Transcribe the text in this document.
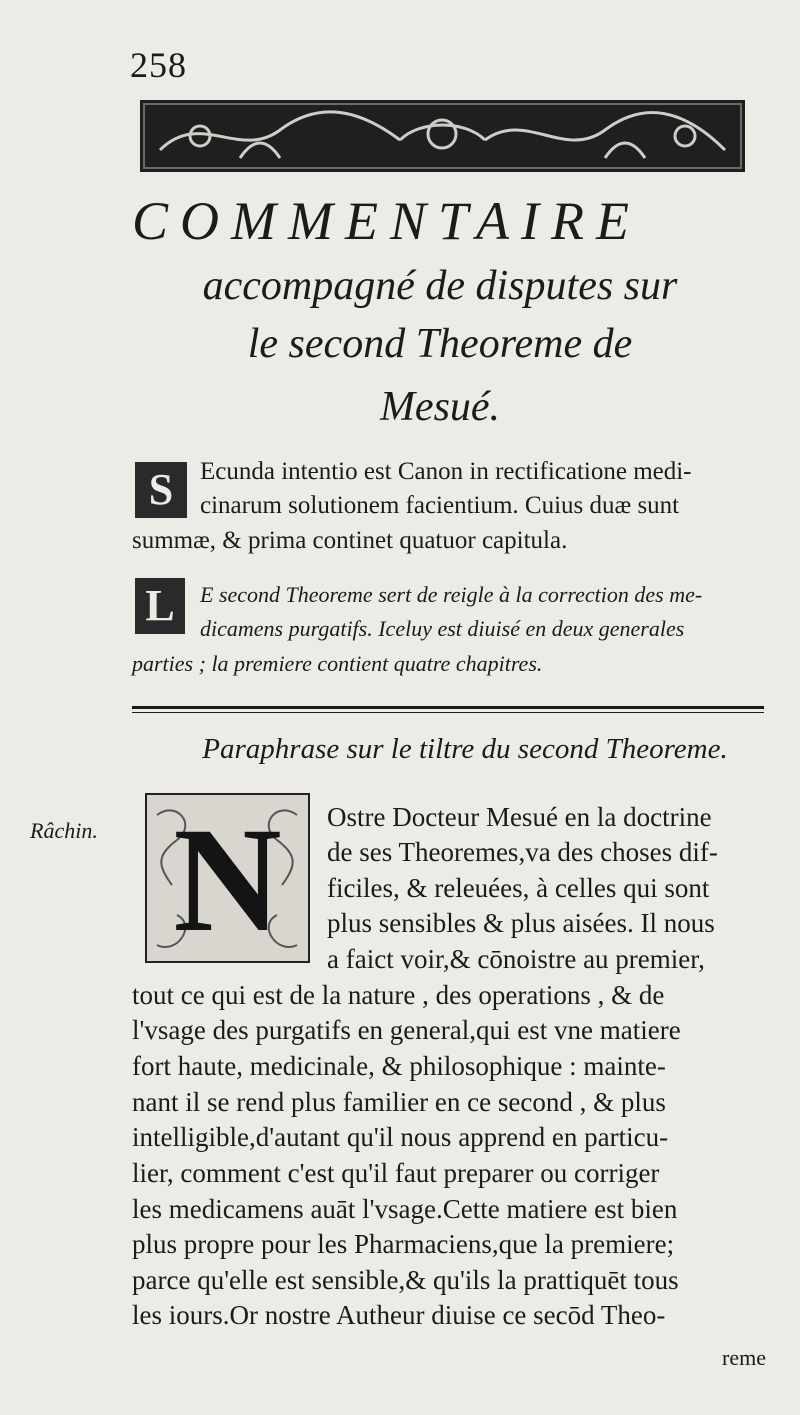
258
COMMENTAIRE
accompagné de disputes sur
le second Theoreme de
Mesué.
S	Ecunda intentio est Canon in rectificatione medi-
cinarum solutionem facientium. Cuius duæ sunt
summæ, & prima continet quatuor capitula.
L	E second Theoreme sert de reigle à la correction des me-
dicamens purgatifs. Iceluy est diuisé en deux generales
parties ; la premiere contient quatre chapitres.
Paraphrase sur le tiltre du second Theoreme.
Râchin. N	Ostre Docteur Mesué en la doctrine
de ses Theoremes,va des choses dif-
ficiles, & releuées, à celles qui sont
plus sensibles & plus aisées. Il nous
a faict voir,& cōnoistre au premier,
tout ce qui est de la nature , des operations , & de
l'vsage des purgatifs en general,qui est vne matiere
fort haute, medicinale, & philosophique : mainte-
nant il se rend plus familier en ce second , & plus
intelligible,d'autant qu'il nous apprend en particu-
lier, comment c'est qu'il faut preparer ou corriger
les medicamens auāt l'vsage.Cette matiere est bien
plus propre pour les Pharmaciens,que la premiere;
parce qu'elle est sensible,& qu'ils la prattiquēt tous
les iours.Or nostre Autheur diuise ce secōd Theo-
reme
